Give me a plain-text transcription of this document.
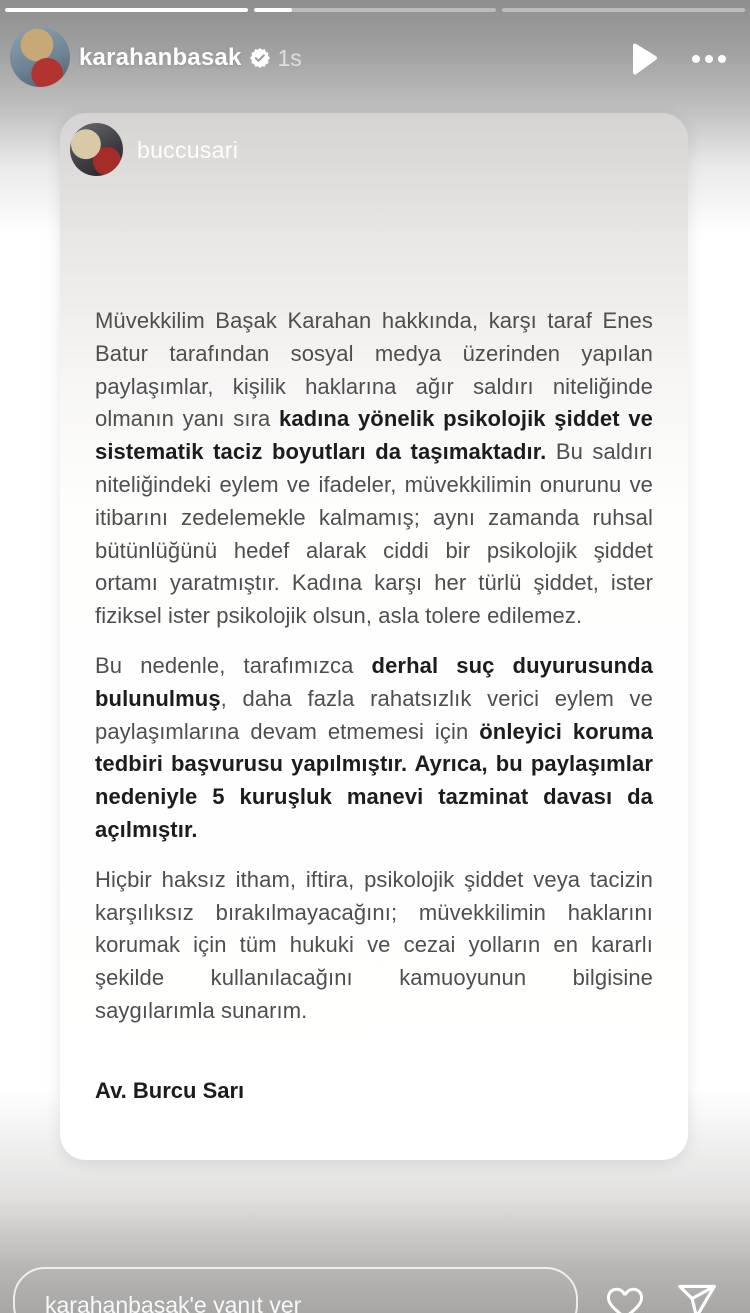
karahanbasak 1s
buccusari

Müvekkilim Başak Karahan hakkında, karşı taraf Enes Batur tarafından sosyal medya üzerinden yapılan paylaşımlar, kişilik haklarına ağır saldırı niteliğinde olmanın yanı sıra kadına yönelik psikolojik şiddet ve sistematik taciz boyutları da taşımaktadır. Bu saldırı niteliğindeki eylem ve ifadeler, müvekkilimin onurunu ve itibarını zedelemekle kalmamış; aynı zamanda ruhsal bütünlüğünü hedef alarak ciddi bir psikolojik şiddet ortamı yaratmıştır. Kadına karşı her türlü şiddet, ister fiziksel ister psikolojik olsun, asla tolere edilemez.

Bu nedenle, tarafımızca derhal suç duyurusunda bulunulmuş, daha fazla rahatsızlık verici eylem ve paylaşımlarına devam etmemesi için önleyici koruma tedbiri başvurusu yapılmıştır. Ayrıca, bu paylaşımlar nedeniyle 5 kuruşluk manevi tazminat davası da açılmıştır.

Hiçbir haksız itham, iftira, psikolojik şiddet veya tacizin karşılıksız bırakılmayacağını; müvekkilimin haklarını korumak için tüm hukuki ve cezai yolların en kararlı şekilde kullanılacağını kamuoyunun bilgisine saygılarımla sunarım.

Av. Burcu Sarı
karahanbasak'e yanıt ver
